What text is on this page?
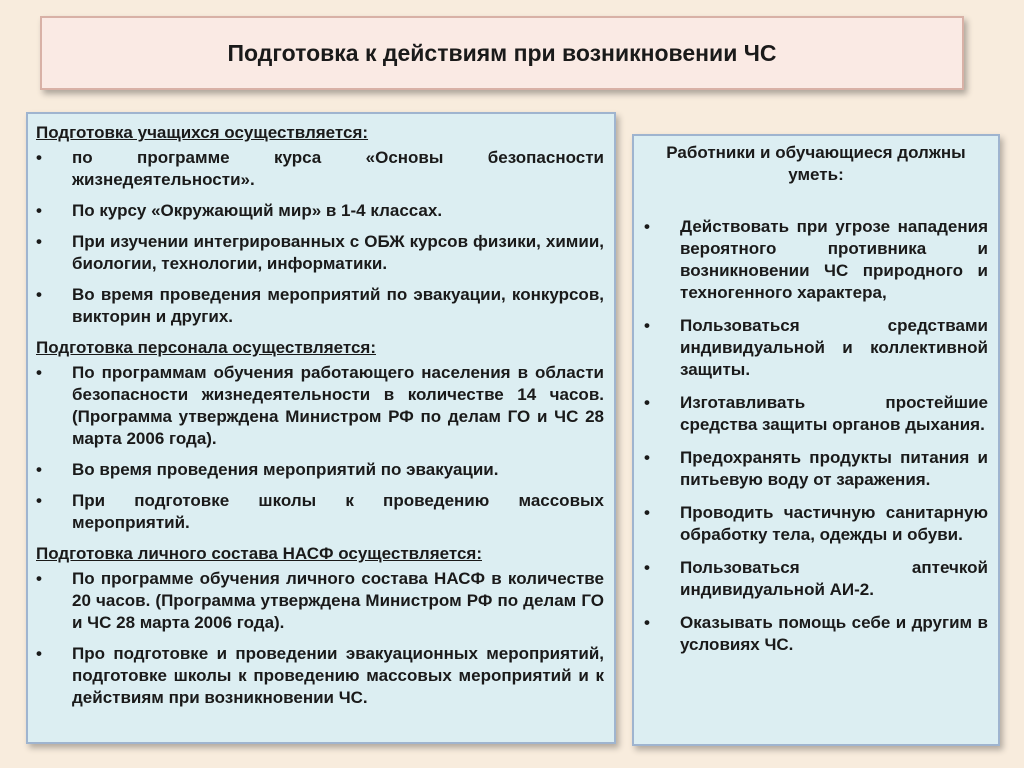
Подготовка к действиям при возникновении ЧС

Подготовка учащихся осуществляется:

•	по программе курса «Основы безопасности жизнедеятельности».
•	По курсу «Окружающий мир» в 1-4 классах.
•	При изучении интегрированных с ОБЖ курсов физики, химии, биологии, технологии, информатики.
•	Во время проведения мероприятий по эвакуации, конкурсов, викторин и других.

Подготовка персонала осуществляется:

•	По программам обучения работающего населения в области безопасности жизнедеятельности в количестве 14 часов. (Программа утверждена Министром РФ по делам ГО и ЧС 28 марта 2006 года).
•	Во время проведения мероприятий по эвакуации.
•	При подготовке школы к проведению массовых мероприятий.

Подготовка личного состава НАСФ осуществляется:

•	По программе обучения личного состава НАСФ в количестве 20 часов. (Программа утверждена Министром РФ по делам ГО и ЧС 28 марта 2006 года).
•	Про подготовке и проведении эвакуационных мероприятий, подготовке школы к проведению массовых мероприятий и к действиям при возникновении ЧС.
Работники и обучающиеся должны уметь:
•	Действовать при угрозе нападения вероятного противника и возникновении ЧС природного и техногенного характера,
•	Пользоваться средствами индивидуальной и коллективной защиты.
•	Изготавливать простейшие средства защиты органов дыхания.
•	Предохранять продукты питания и питьевую воду от заражения.
•	Проводить частичную санитарную обработку тела, одежды и обуви.
•	Пользоваться аптечкой индивидуальной АИ-2.
•	Оказывать помощь себе и другим в условиях ЧС.
